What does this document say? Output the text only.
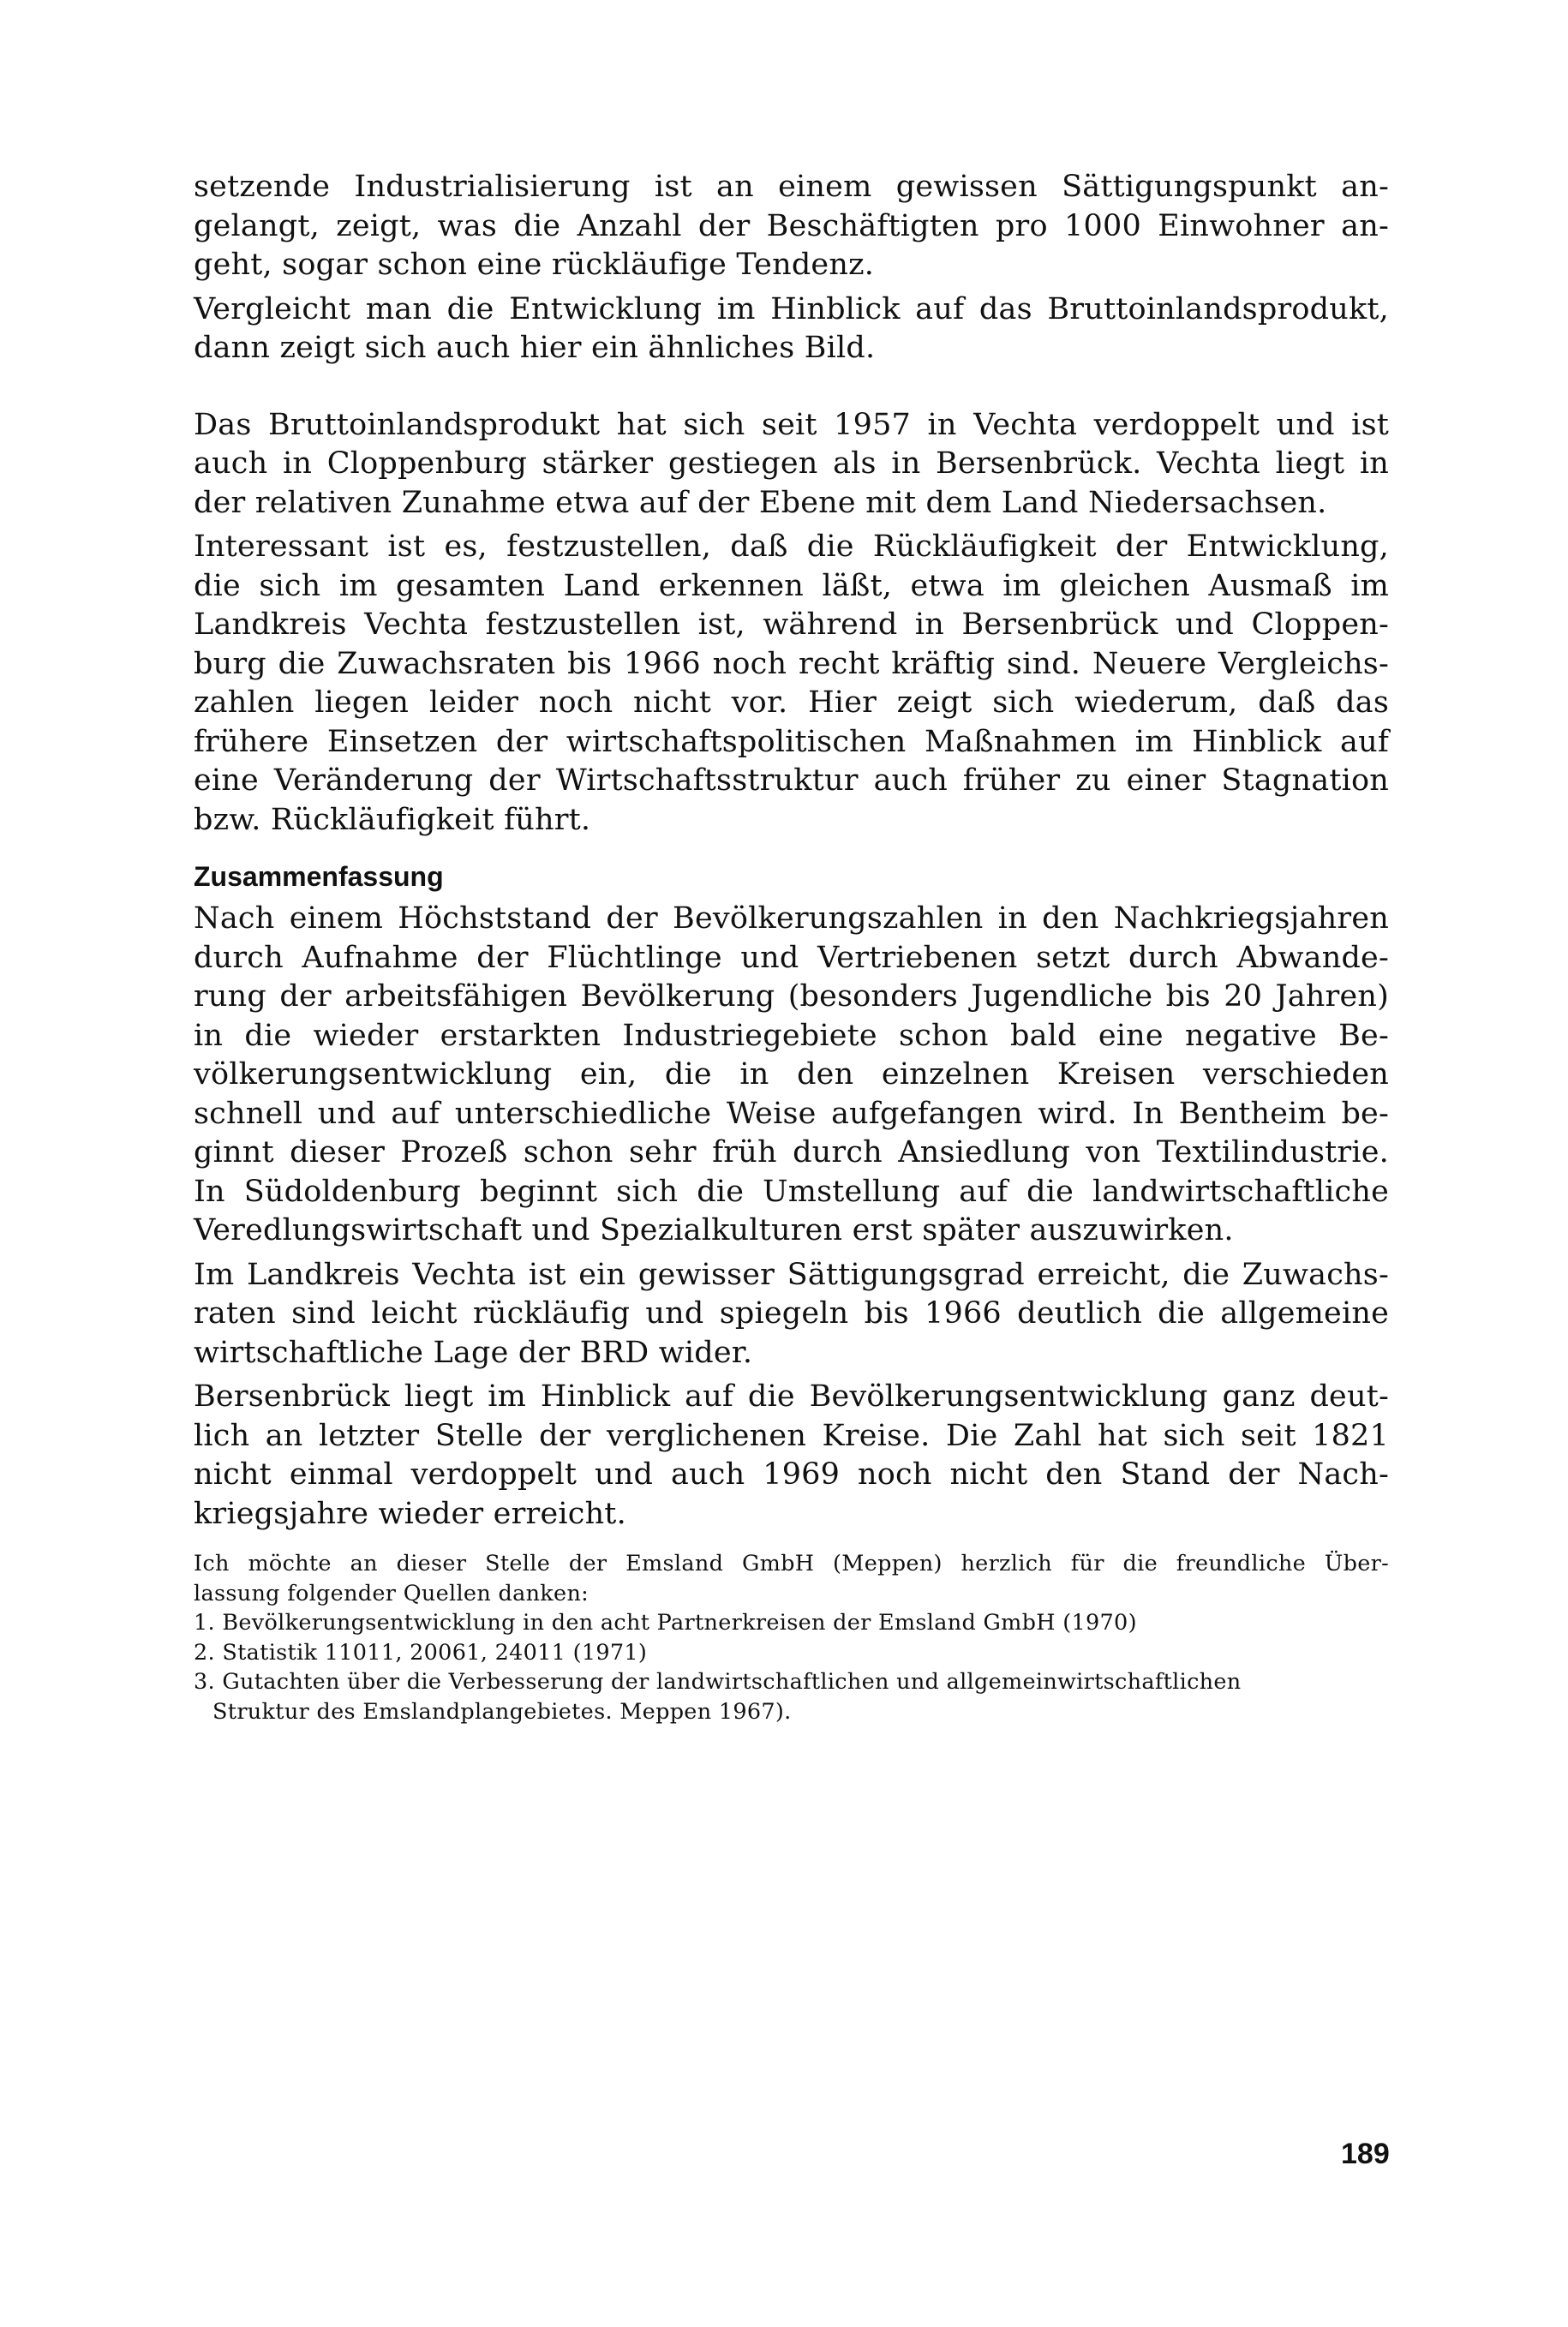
setzende Industrialisierung ist an einem gewissen Sättigungspunkt an-
gelangt, zeigt, was die Anzahl der Beschäftigten pro 1000 Einwohner an-
geht, sogar schon eine rückläufige Tendenz.

Vergleicht man die Entwicklung im Hinblick auf das Bruttoinlandsprodukt,
dann zeigt sich auch hier ein ähnliches Bild.

Das Bruttoinlandsprodukt hat sich seit 1957 in Vechta verdoppelt und ist
auch in Cloppenburg stärker gestiegen als in Bersenbrück. Vechta liegt in
der relativen Zunahme etwa auf der Ebene mit dem Land Niedersachsen.

Interessant ist es, festzustellen, daß die Rückläufigkeit der Entwicklung,
die sich im gesamten Land erkennen läßt, etwa im gleichen Ausmaß im
Landkreis Vechta festzustellen ist, während in Bersenbrück und Cloppen-
burg die Zuwachsraten bis 1966 noch recht kräftig sind. Neuere Vergleichs-
zahlen liegen leider noch nicht vor. Hier zeigt sich wiederum, daß das
frühere Einsetzen der wirtschaftspolitischen Maßnahmen im Hinblick auf
eine Veränderung der Wirtschaftsstruktur auch früher zu einer Stagnation
bzw. Rückläufigkeit führt.

Zusammenfassung

Nach einem Höchststand der Bevölkerungszahlen in den Nachkriegsjahren
durch Aufnahme der Flüchtlinge und Vertriebenen setzt durch Abwande-
rung der arbeitsfähigen Bevölkerung (besonders Jugendliche bis 20 Jahren)
in die wieder erstarkten Industriegebiete schon bald eine negative Be-
völkerungsentwicklung ein, die in den einzelnen Kreisen verschieden
schnell und auf unterschiedliche Weise aufgefangen wird. In Bentheim be-
ginnt dieser Prozeß schon sehr früh durch Ansiedlung von Textilindustrie.
In Südoldenburg beginnt sich die Umstellung auf die landwirtschaftliche
Veredlungswirtschaft und Spezialkulturen erst später auszuwirken.

Im Landkreis Vechta ist ein gewisser Sättigungsgrad erreicht, die Zuwachs-
raten sind leicht rückläufig und spiegeln bis 1966 deutlich die allgemeine
wirtschaftliche Lage der BRD wider.

Bersenbrück liegt im Hinblick auf die Bevölkerungsentwicklung ganz deut-
lich an letzter Stelle der verglichenen Kreise. Die Zahl hat sich seit 1821
nicht einmal verdoppelt und auch 1969 noch nicht den Stand der Nach-
kriegsjahre wieder erreicht.

Ich möchte an dieser Stelle der Emsland GmbH (Meppen) herzlich für die freundliche Über-
lassung folgender Quellen danken:
1. Bevölkerungsentwicklung in den acht Partnerkreisen der Emsland GmbH (1970)
2. Statistik 11011, 20061, 24011 (1971)
3. Gutachten über die Verbesserung der landwirtschaftlichen und allgemeinwirtschaftlichen
Struktur des Emslandplangebietes. Meppen 1967).
189
